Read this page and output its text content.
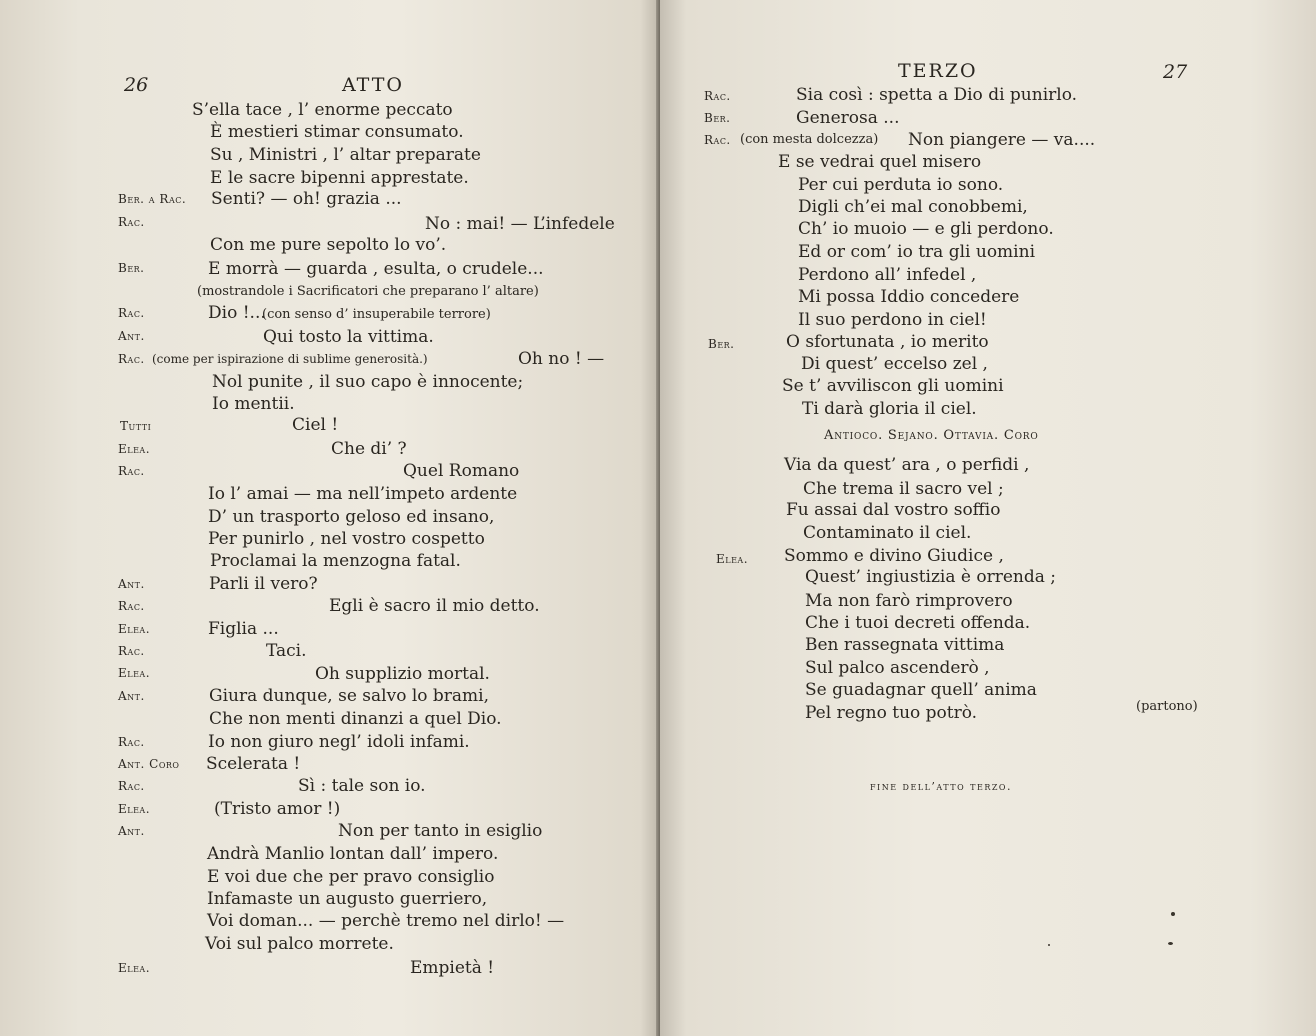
26	ATTO
S’ella tace , l’ enorme peccato
È mestieri stimar consumato.
Su , Ministri , l’ altar preparate
E le sacre bipenni apprestate.
Ber. a Rac. Senti? — oh! grazia ...
Rac.	No : mai! — L’infedele
Con me pure sepolto lo vo’.
Ber.	E morrà — guarda , esulta, o crudele...
(mostrandole i Sacrificatori che preparano l’ altare)
Rac.	Dio !...
(con senso d’ insuperabile terrore)
Ant.	Qui tosto la vittima.
Rac. (come per ispirazione di sublime generosità.)	Oh no ! —
Nol punite , il suo capo è innocente;
Io mentii.
Tutti	Ciel !
Elea.	Che di’ ?
Rac.	Quel Romano
Io l’ amai — ma nell’impeto ardente
D’ un trasporto geloso ed insano,
Per punirlo , nel vostro cospetto
Proclamai la menzogna fatal.
Ant.	Parli il vero?
Rac.	Egli è sacro il mio detto.
Elea.	Figlia ...
Rac.	Taci.
Elea.	Oh supplizio mortal.
Ant.	Giura dunque, se salvo lo brami,
Che non menti dinanzi a quel Dio.
Rac.	Io non giuro negl’ idoli infami.
Ant. Coro Scelerata !
Rac.	Sì : tale son io.
Elea.	(Tristo amor !)
Ant.	Non per tanto in esiglio
Andrà Manlio lontan dall’ impero.
E voi due che per pravo consiglio
Infamaste un augusto guerriero,
Voi doman... — perchè tremo nel dirlo! —
Voi sul palco morrete.
Elea.	Empietà !
TERZO	27
Rac.	Sia così : spetta a Dio di punirlo.
Ber.	Generosa ...
Rac. (con mesta dolcezza) Non piangere — va....
E se vedrai quel misero
Per cui perduta io sono.
Digli ch’ei mal conobbemi,
Ch’ io muoio — e gli perdono.
Ed or com’ io tra gli uomini
Perdono all’ infedel ,
Mi possa Iddio concedere
Il suo perdono in ciel!
Ber.	O sfortunata , io merito
Di quest’ eccelso zel ,
Se t’ avviliscon gli uomini
Ti darà gloria il ciel.
Antioco. Sejano. Ottavia. Coro
Via da quest’ ara , o perfidi ,
Che trema il sacro vel ;
Fu assai dal vostro soffio
Contaminato il ciel.
Elea. Sommo e divino Giudice ,
Quest’ ingiustizia è orrenda ;
Ma non farò rimprovero
Che i tuoi decreti offenda.
Ben rassegnata vittima
Sul palco ascenderò ,
Se guadagnar quell’ anima
Pel regno tuo potrò.	(partono)
fine dell’atto terzo.
